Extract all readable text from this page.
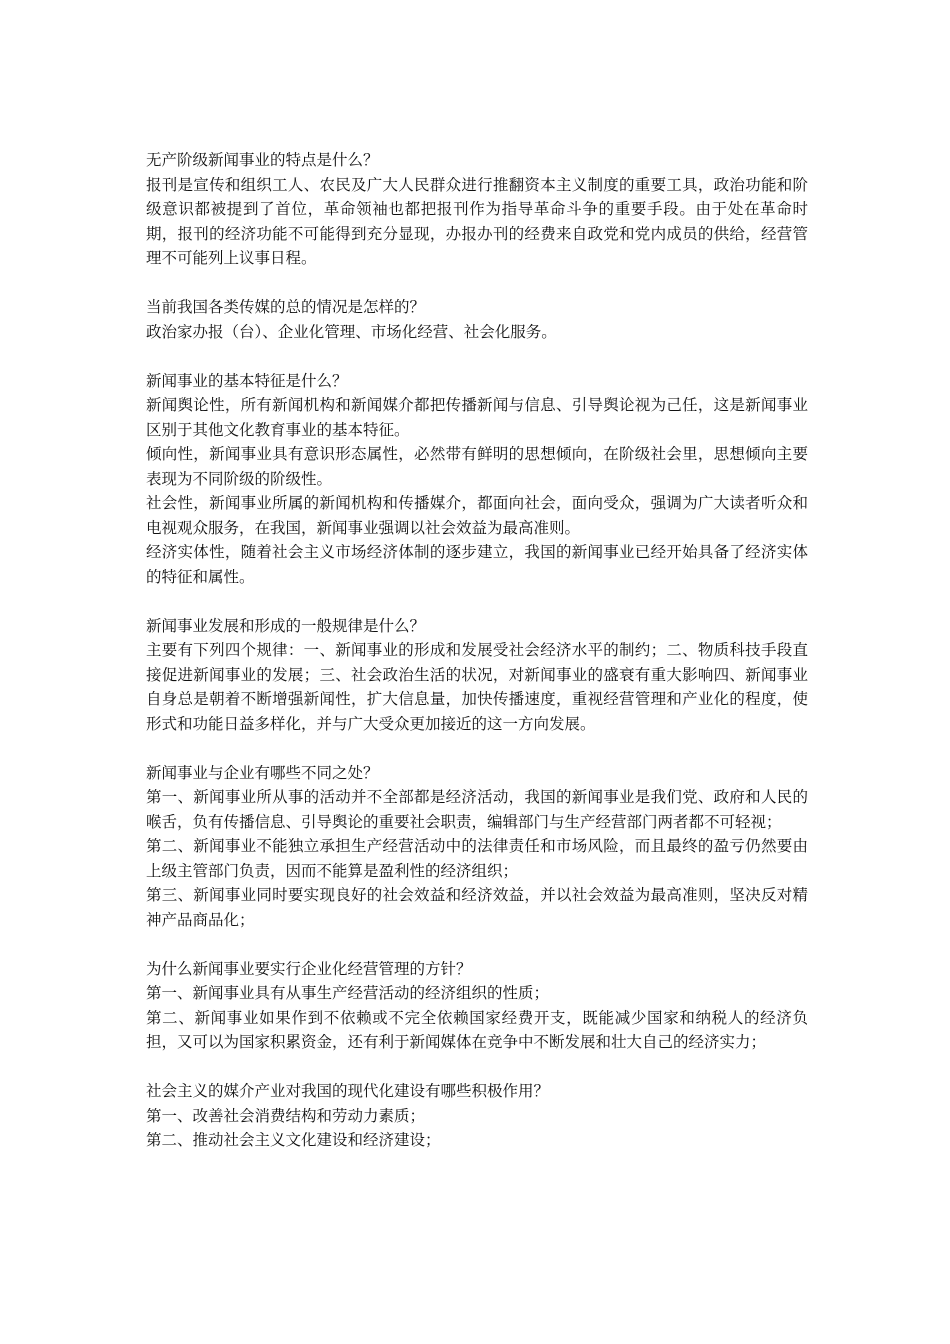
无产阶级新闻事业的特点是什么？

报刊是宣传和组织工人、农民及广大人民群众进行推翻资本主义制度的重要工具，政治功能和阶级意识都被提到了首位，革命领袖也都把报刊作为指导革命斗争的重要手段。由于处在革命时期，报刊的经济功能不可能得到充分显现，办报办刊的经费来自政党和党内成员的供给，经营管理不可能列上议事日程。

当前我国各类传媒的总的情况是怎样的？

政治家办报（台）、企业化管理、市场化经营、社会化服务。

新闻事业的基本特征是什么？

新闻舆论性，所有新闻机构和新闻媒介都把传播新闻与信息、引导舆论视为己任，这是新闻事业区别于其他文化教育事业的基本特征。

倾向性，新闻事业具有意识形态属性，必然带有鲜明的思想倾向，在阶级社会里，思想倾向主要表现为不同阶级的阶级性。

社会性，新闻事业所属的新闻机构和传播媒介，都面向社会，面向受众，强调为广大读者听众和电视观众服务，在我国，新闻事业强调以社会效益为最高准则。

经济实体性，随着社会主义市场经济体制的逐步建立，我国的新闻事业已经开始具备了经济实体的特征和属性。

新闻事业发展和形成的一般规律是什么？

主要有下列四个规律：一、新闻事业的形成和发展受社会经济水平的制约；二、物质科技手段直接促进新闻事业的发展；三、社会政治生活的状况，对新闻事业的盛衰有重大影响四、新闻事业自身总是朝着不断增强新闻性，扩大信息量，加快传播速度，重视经营管理和产业化的程度，使形式和功能日益多样化，并与广大受众更加接近的这一方向发展。

新闻事业与企业有哪些不同之处？

第一、新闻事业所从事的活动并不全部都是经济活动，我国的新闻事业是我们党、政府和人民的喉舌，负有传播信息、引导舆论的重要社会职责，编辑部门与生产经营部门两者都不可轻视；

第二、新闻事业不能独立承担生产经营活动中的法律责任和市场风险，而且最终的盈亏仍然要由上级主管部门负责，因而不能算是盈利性的经济组织；

第三、新闻事业同时要实现良好的社会效益和经济效益，并以社会效益为最高准则，坚决反对精神产品商品化；

为什么新闻事业要实行企业化经营管理的方针？

第一、新闻事业具有从事生产经营活动的经济组织的性质；

第二、新闻事业如果作到不依赖或不完全依赖国家经费开支，既能减少国家和纳税人的经济负担，又可以为国家积累资金，还有利于新闻媒体在竞争中不断发展和壮大自己的经济实力；

社会主义的媒介产业对我国的现代化建设有哪些积极作用？

第一、改善社会消费结构和劳动力素质；

第二、推动社会主义文化建设和经济建设；
